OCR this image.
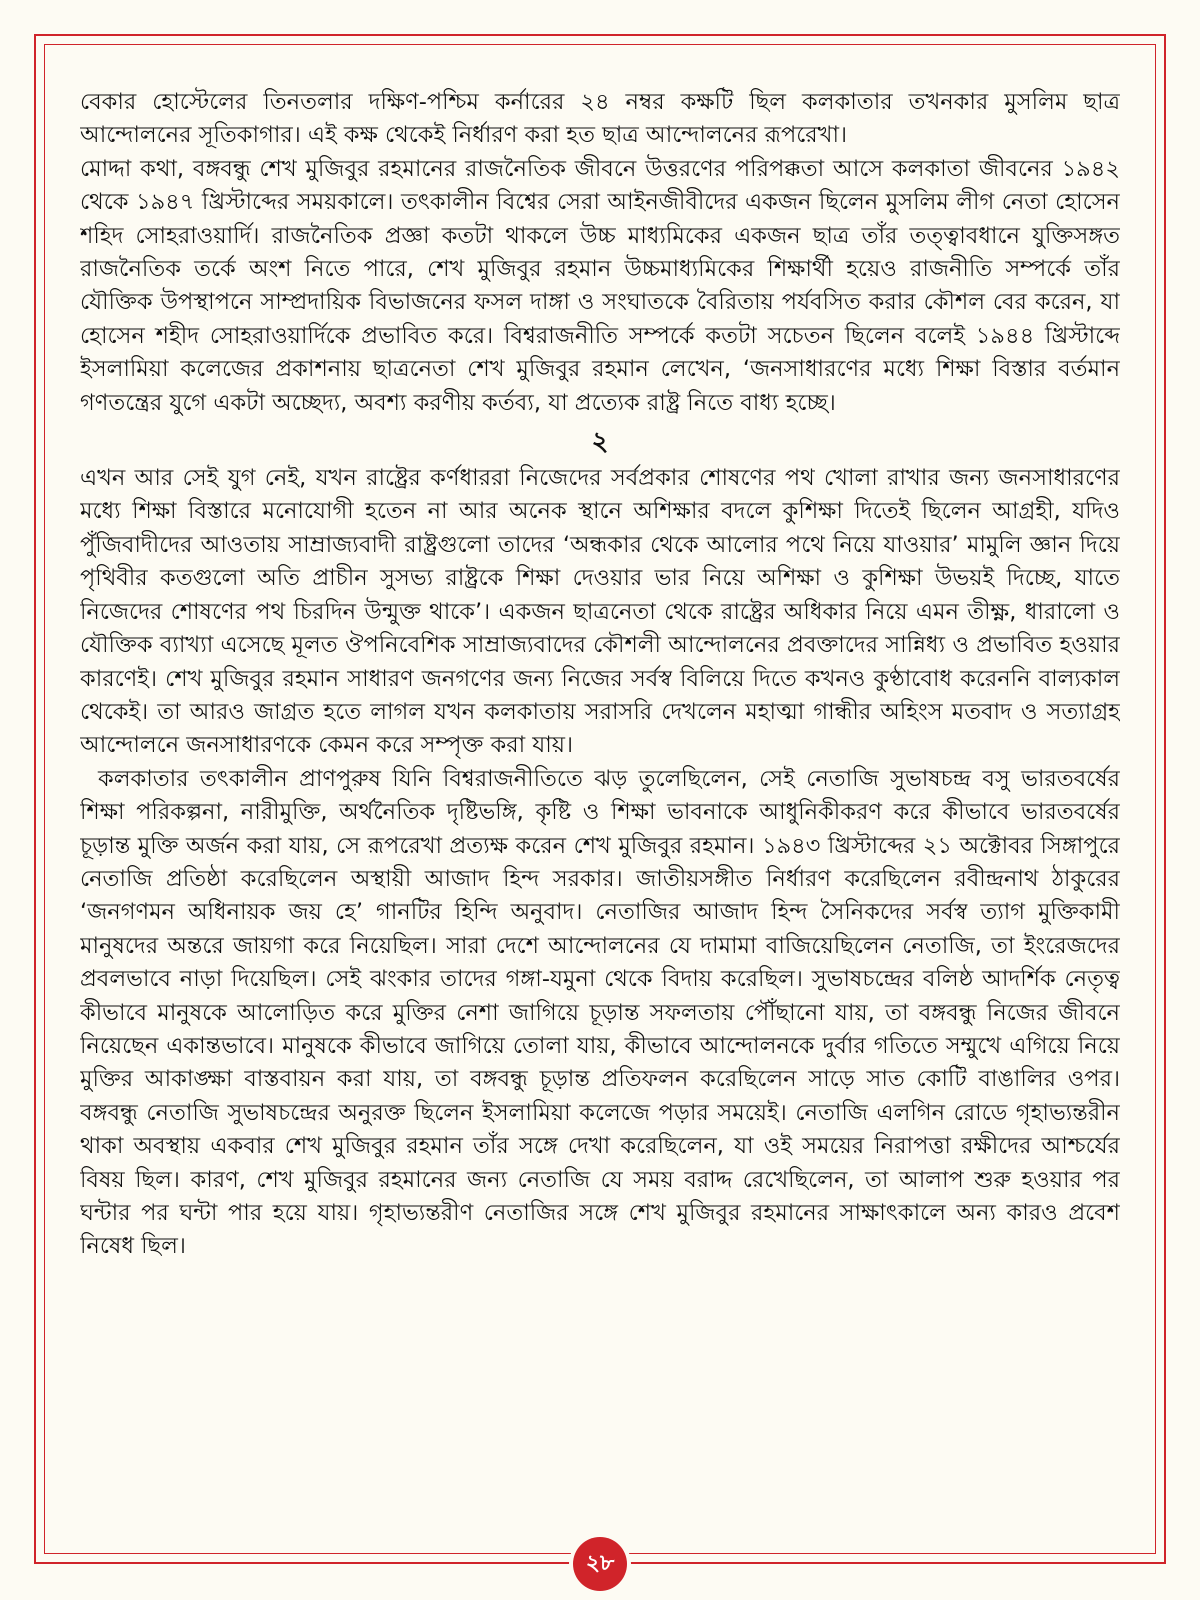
বেকার হোস্টেলের তিনতলার দক্ষিণ-পশ্চিম কর্নারের ২৪ নম্বর কক্ষটি ছিল কলকাতার তখনকার মুসলিম ছাত্র আন্দোলনের সূতিকাগার। এই কক্ষ থেকেই নির্ধারণ করা হত ছাত্র আন্দোলনের রূপরেখা।

মোদ্দা কথা, বঙ্গবন্ধু শেখ মুজিবুর রহমানের রাজনৈতিক জীবনে উত্তরণের পরিপক্কতা আসে কলকাতা জীবনের ১৯৪২ থেকে ১৯৪৭ খ্রিস্টাব্দের সময়কালে। তৎকালীন বিশ্বের সেরা আইনজীবীদের একজন ছিলেন মুসলিম লীগ নেতা হোসেন শহিদ সোহরাওয়ার্দি। রাজনৈতিক প্রজ্ঞা কতটা থাকলে উচ্চ মাধ্যমিকের একজন ছাত্র তাঁর তত্ত্বাবধানে যুক্তিসঙ্গত রাজনৈতিক তর্কে অংশ নিতে পারে, শেখ মুজিবুর রহমান উচ্চমাধ্যমিকের শিক্ষার্থী হয়েও রাজনীতি সম্পর্কে তাঁর যৌক্তিক উপস্থাপনে সাম্প্রদায়িক বিভাজনের ফসল দাঙ্গা ও সংঘাতকে বৈরিতায় পর্যবসিত করার কৌশল বের করেন, যা হোসেন শহীদ সোহরাওয়ার্দিকে প্রভাবিত করে। বিশ্বরাজনীতি সম্পর্কে কতটা সচেতন ছিলেন বলেই ১৯৪৪ খ্রিস্টাব্দে ইসলামিয়া কলেজের প্রকাশনায় ছাত্রনেতা শেখ মুজিবুর রহমান লেখেন, ‘জনসাধারণের মধ্যে শিক্ষা বিস্তার বর্তমান গণতন্ত্রের যুগে একটা অচ্ছেদ্য, অবশ্য করণীয় কর্তব্য, যা প্রত্যেক রাষ্ট্র নিতে বাধ্য হচ্ছে।

২

এখন আর সেই যুগ নেই, যখন রাষ্ট্রের কর্ণধাররা নিজেদের সর্বপ্রকার শোষণের পথ খোলা রাখার জন্য জনসাধারণের মধ্যে শিক্ষা বিস্তারে মনোযোগী হতেন না আর অনেক স্থানে অশিক্ষার বদলে কুশিক্ষা দিতেই ছিলেন আগ্রহী, যদিও পুঁজিবাদীদের আওতায় সাম্রাজ্যবাদী রাষ্ট্রগুলো তাদের ‘অন্ধকার থেকে আলোর পথে নিয়ে যাওয়ার’ মামুলি জ্ঞান দিয়ে পৃথিবীর কতগুলো অতি প্রাচীন সুসভ্য রাষ্ট্রকে শিক্ষা দেওয়ার ভার নিয়ে অশিক্ষা ও কুশিক্ষা উভয়ই দিচ্ছে, যাতে নিজেদের শোষণের পথ চিরদিন উন্মুক্ত থাকে’। একজন ছাত্রনেতা থেকে রাষ্ট্রের অধিকার নিয়ে এমন তীক্ষ্ণ, ধারালো ও যৌক্তিক ব্যাখ্যা এসেছে মূলত ঔপনিবেশিক সাম্রাজ্যবাদের কৌশলী আন্দোলনের প্রবক্তাদের সান্নিধ্য ও প্রভাবিত হওয়ার কারণেই। শেখ মুজিবুর রহমান সাধারণ জনগণের জন্য নিজের সর্বস্ব বিলিয়ে দিতে কখনও কুণ্ঠাবোধ করেননি বাল্যকাল থেকেই। তা আরও জাগ্রত হতে লাগল যখন কলকাতায় সরাসরি দেখলেন মহাত্মা গান্ধীর অহিংস মতবাদ ও সত্যাগ্রহ আন্দোলনে জনসাধারণকে কেমন করে সম্পৃক্ত করা যায়।

কলকাতার তৎকালীন প্রাণপুরুষ যিনি বিশ্বরাজনীতিতে ঝড় তুলেছিলেন, সেই নেতাজি সুভাষচন্দ্র বসু ভারতবর্ষের শিক্ষা পরিকল্পনা, নারীমুক্তি, অর্থনৈতিক দৃষ্টিভঙ্গি, কৃষ্টি ও শিক্ষা ভাবনাকে আধুনিকীকরণ করে কীভাবে ভারতবর্ষের চূড়ান্ত মুক্তি অর্জন করা যায়, সে রূপরেখা প্রত্যক্ষ করেন শেখ মুজিবুর রহমান। ১৯৪৩ খ্রিস্টাব্দের ২১ অক্টোবর সিঙ্গাপুরে নেতাজি প্রতিষ্ঠা করেছিলেন অস্থায়ী আজাদ হিন্দ সরকার। জাতীয়সঙ্গীত নির্ধারণ করেছিলেন রবীন্দ্রনাথ ঠাকুরের ‘জনগণমন অধিনায়ক জয় হে’ গানটির হিন্দি অনুবাদ। নেতাজির আজাদ হিন্দ সৈনিকদের সর্বস্ব ত্যাগ মুক্তিকামী মানুষদের অন্তরে জায়গা করে নিয়েছিল। সারা দেশে আন্দোলনের যে দামামা বাজিয়েছিলেন নেতাজি, তা ইংরেজদের প্রবলভাবে নাড়া দিয়েছিল। সেই ঝংকার তাদের গঙ্গা-যমুনা থেকে বিদায় করেছিল। সুভাষচন্দ্রের বলিষ্ঠ আদর্শিক নেতৃত্ব কীভাবে মানুষকে আলোড়িত করে মুক্তির নেশা জাগিয়ে চূড়ান্ত সফলতায় পৌঁছানো যায়, তা বঙ্গবন্ধু নিজের জীবনে নিয়েছেন একান্তভাবে। মানুষকে কীভাবে জাগিয়ে তোলা যায়, কীভাবে আন্দোলনকে দুর্বার গতিতে সম্মুখে এগিয়ে নিয়ে মুক্তির আকাঙ্ক্ষা বাস্তবায়ন করা যায়, তা বঙ্গবন্ধু চূড়ান্ত প্রতিফলন করেছিলেন সাড়ে সাত কোটি বাঙালির ওপর। বঙ্গবন্ধু নেতাজি সুভাষচন্দ্রের অনুরক্ত ছিলেন ইসলামিয়া কলেজে পড়ার সময়েই। নেতাজি এলগিন রোডে গৃহাভ্যন্তরীন থাকা অবস্থায় একবার শেখ মুজিবুর রহমান তাঁর সঙ্গে দেখা করেছিলেন, যা ওই সময়ের নিরাপত্তা রক্ষীদের আশ্চর্যের বিষয় ছিল। কারণ, শেখ মুজিবুর রহমানের জন্য নেতাজি যে সময় বরাদ্দ রেখেছিলেন, তা আলাপ শুরু হওয়ার পর ঘন্টার পর ঘন্টা পার হয়ে যায়। গৃহাভ্যন্তরীণ নেতাজির সঙ্গে শেখ মুজিবুর রহমানের সাক্ষাৎকালে অন্য কারও প্রবেশ নিষেধ ছিল।

২৮
